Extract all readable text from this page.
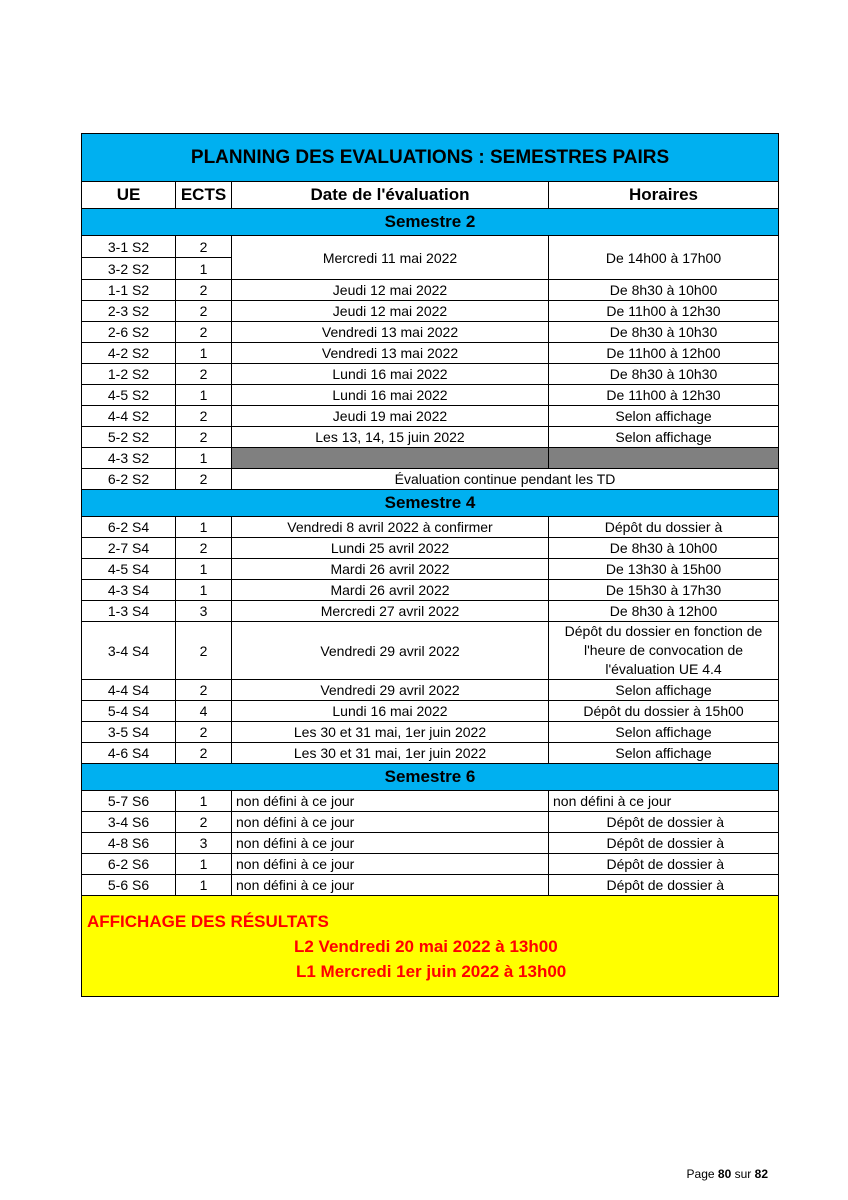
PLANNING DES EVALUATIONS : SEMESTRES PAIRS			
UE	ECTS	Date de l'évaluation	Horaires
Semestre 2			
3-1 S2	2	Mercredi 11 mai 2022	De 14h00 à 17h00
3-2 S2	1		
1-1 S2	2	Jeudi 12 mai 2022	De 8h30 à 10h00
2-3 S2	2	Jeudi 12 mai 2022	De 11h00 à 12h30
2-6 S2	2	Vendredi 13 mai 2022	De 8h30 à 10h30
4-2 S2	1	Vendredi 13 mai 2022	De 11h00 à 12h00
1-2 S2	2	Lundi 16 mai 2022	De 8h30 à 10h30
4-5 S2	1	Lundi 16 mai 2022	De 11h00 à 12h30
4-4 S2	2	Jeudi 19 mai 2022	Selon affichage
5-2 S2	2	Les 13, 14, 15 juin 2022	Selon affichage
4-3 S2	1		
6-2 S2	2	Évaluation continue pendant les TD	
Semestre 4			
6-2 S4	1	Vendredi 8 avril 2022 à confirmer	Dépôt du dossier à
2-7 S4	2	Lundi 25 avril 2022	De 8h30 à 10h00
4-5 S4	1	Mardi 26 avril 2022	De 13h30 à 15h00
4-3 S4	1	Mardi 26 avril 2022	De 15h30 à 17h30
1-3 S4	3	Mercredi 27 avril 2022	De 8h30 à 12h00
3-4 S4	2	Vendredi 29 avril 2022	Dépôt du dossier en fonction de l'heure de convocation de l'évaluation UE 4.4
4-4 S4	2	Vendredi 29 avril 2022	Selon affichage
5-4 S4	4	Lundi 16 mai 2022	Dépôt du dossier à 15h00
3-5 S4	2	Les 30 et 31 mai, 1er juin 2022	Selon affichage
4-6 S4	2	Les 30 et 31 mai, 1er juin 2022	Selon affichage
Semestre 6			
5-7 S6	1	non défini à ce jour	non défini à ce jour
3-4 S6	2	non défini à ce jour	Dépôt de dossier à
4-8 S6	3	non défini à ce jour	Dépôt de dossier à
6-2 S6	1	non défini à ce jour	Dépôt de dossier à
5-6 S6	1	non défini à ce jour	Dépôt de dossier à

AFFICHAGE DES RÉSULTATS
L2 Vendredi 20 mai 2022 à 13h00
L1 Mercredi 1er juin 2022 à 13h00			
Page 80 sur 82
